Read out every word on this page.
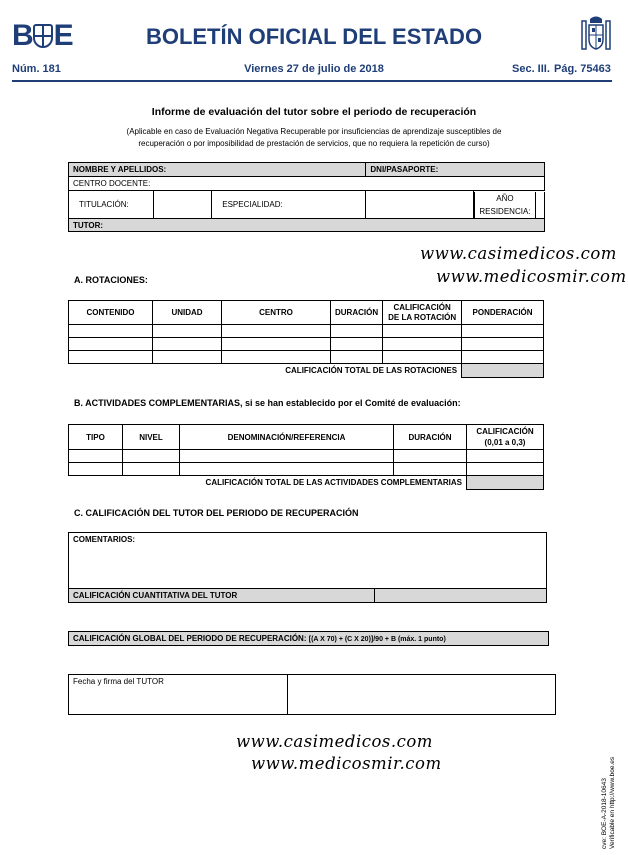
B E	BOLETÍN OFICIAL DEL ESTADO
Núm. 181	Viernes 27 de julio de 2018	Sec. III. Pág. 75463
Informe de evaluación del tutor sobre el periodo de recuperación
(Aplicable en caso de Evaluación Negativa Recuperable por insuficiencias de aprendizaje susceptibles de
recuperación o por imposibilidad de prestación de servicios, que no requiera la repetición de curso)
NOMBRE Y APELLIDOS:	DNI/PASAPORTE:
CENTRO DOCENTE:
TITULACIÓN:		ESPECIALIDAD:		
AÑO
RESIDENCIA:

TUTOR:
www.casimedicos.com
www.medicosmir.com
A. ROTACIONES:
CONTENIDO	UNIDAD	CENTRO	DURACIÓN	CALIFICACIÓN DE LA ROTACIÓN	PONDERACIÓN

CALIFICACIÓN TOTAL DE LAS ROTACIONES					
B. ACTIVIDADES COMPLEMENTARIAS, si se han establecido por el Comité de evaluación:
TIPO	NIVEL	DENOMINACIÓN/REFERENCIA	DURACIÓN	CALIFICACIÓN
(0,01 a 0,3)

CALIFICACIÓN TOTAL DE LAS ACTIVIDADES COMPLEMENTARIAS				
C. CALIFICACIÓN DEL TUTOR DEL PERIODO DE RECUPERACIÓN
COMENTARIOS:
CALIFICACIÓN CUANTITATIVA DEL TUTOR	
CALIFICACIÓN GLOBAL DEL PERIODO DE RECUPERACIÓN: [(A X 70) + (C X 20)]/90 + B (máx. 1 punto)
Fecha y firma del TUTOR	
www.casimedicos.com
www.medicosmir.com
cve: BOE-A-2018-10643 Verificable en http://www.boe.es
